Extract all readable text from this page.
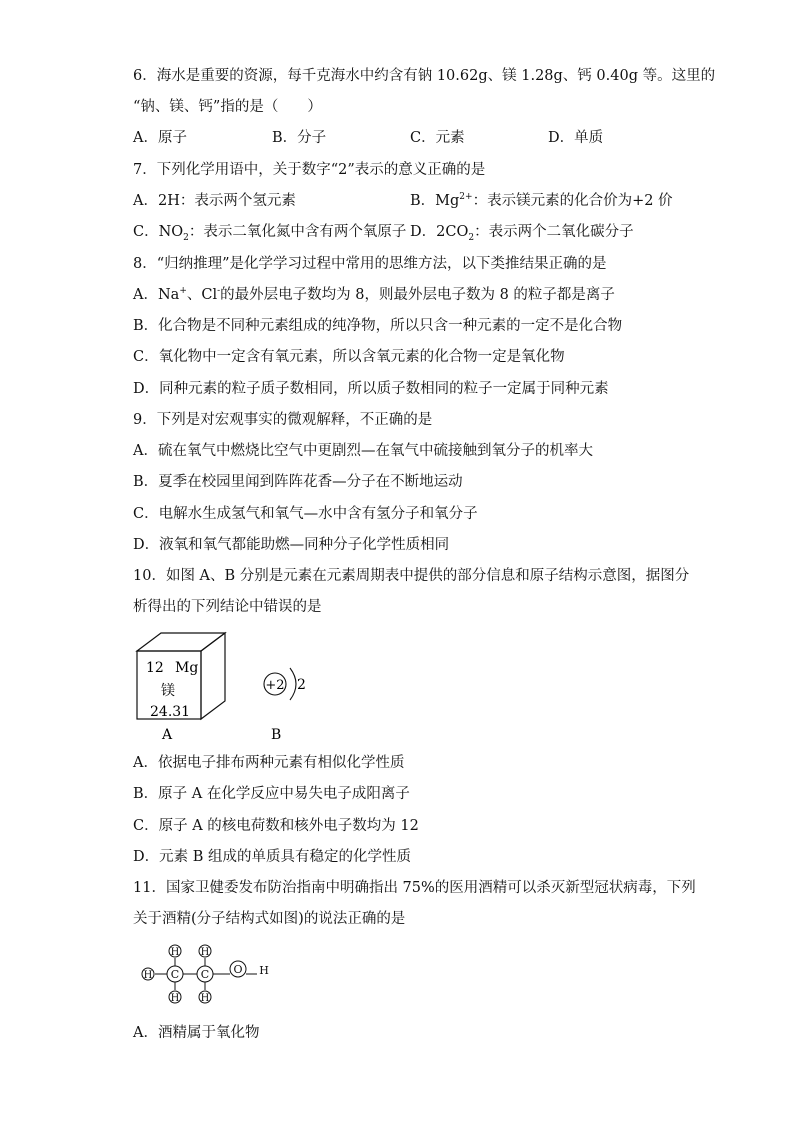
6．海水是重要的资源，每千克海水中约含有钠 10.62g、镁 1.28g、钙 0.40g 等。这里的
“钠、镁、钙”指的是（　　）
A．原子	B．分子	C．元素	D．单质
7．下列化学用语中，关于数字“2”表示的意义正确的是
A．2H：表示两个氢元素	B．$Mg^{2+}$：表示镁元素的化合价为+2 价
C．$NO_2$：表示二氧化氮中含有两个氧原子 D．$2CO_2$：表示两个二氧化碳分子
8．“归纳推理”是化学学习过程中常用的思维方法，以下类推结果正确的是
A．Na+、Cl-的最外层电子数均为 8，则最外层电子数为 8 的粒子都是离子
B．化合物是不同种元素组成的纯净物，所以只含一种元素的一定不是化合物
C．氧化物中一定含有氧元素，所以含氧元素的化合物一定是氧化物
D．同种元素的粒子质子数相同，所以质子数相同的粒子一定属于同种元素
9．下列是对宏观事实的微观解释，不正确的是
A．硫在氧气中燃烧比空气中更剧烈—在氧气中硫接触到氧分子的机率大
B．夏季在校园里闻到阵阵花香—分子在不断地运动
C．电解水生成氢气和氧气—水中含有氢分子和氧分子
D．液氧和氧气都能助燃—同种分子化学性质相同
10．如图 A、B 分别是元素在元素周期表中提供的部分信息和原子结构示意图，据图分
析得出的下列结论中错误的是
12 Mg
镁
24.31
A
+2 2
B
A．依据电子排布两种元素有相似化学性质
B．原子 A 在化学反应中易失电子成阳离子
C．原子 A 的核电荷数和核外电子数均为 12
D．元素 B 组成的单质具有稳定的化学性质
11．国家卫健委发布防治指南中明确指出 75%的医用酒精可以杀灭新型冠状病毒，下列
关于酒精(分子结构式如图)的说法正确的是
H C C O H
H
H
H
H
A．酒精属于氧化物
